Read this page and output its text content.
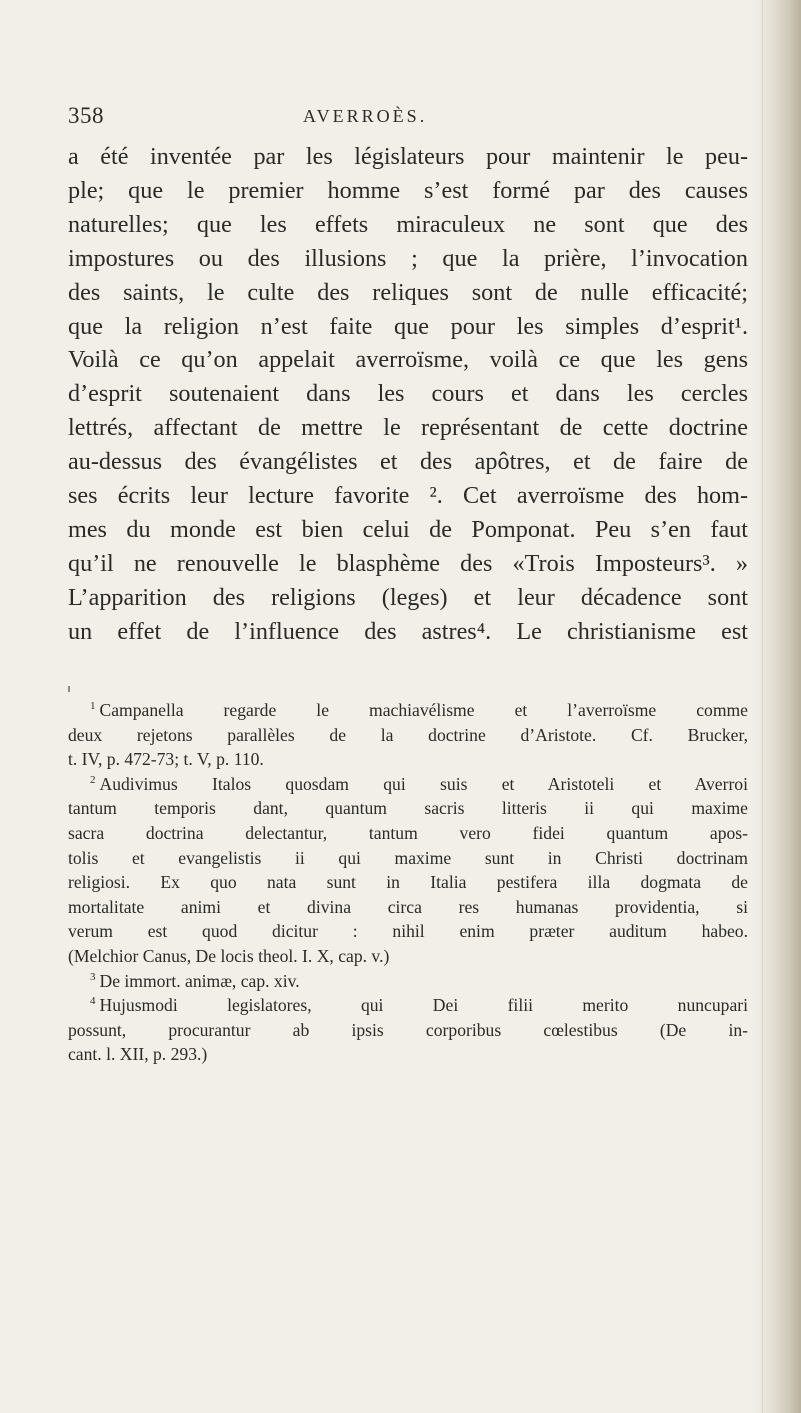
358	AVERROÈS.
a été inventée par les législateurs pour maintenir le peu-
ple; que le premier homme s’est formé par des causes
naturelles; que les effets miraculeux ne sont que des
impostures ou des illusions ; que la prière, l’invocation
des saints, le culte des reliques sont de nulle efficacité;
que la religion n’est faite que pour les simples d’esprit¹.
Voilà ce qu’on appelait averroïsme, voilà ce que les gens
d’esprit soutenaient dans les cours et dans les cercles
lettrés, affectant de mettre le représentant de cette doctrine
au-dessus des évangélistes et des apôtres, et de faire de
ses écrits leur lecture favorite ². Cet averroïsme des hom-
mes du monde est bien celui de Pomponat. Peu s’en faut
qu’il ne renouvelle le blasphème des «Trois Imposteurs³. »
L’apparition des religions (leges) et leur décadence sont
un effet de l’influence des astres⁴. Le christianisme est
$^1$ Campanella regarde le machiavélisme et l’averroïsme comme
deux rejetons parallèles de la doctrine d’Aristote. Cf. Brucker,
t. IV, p. 472-73; t. V, p. 110.
$^2$ Audivimus Italos quosdam qui suis et Aristoteli et Averroi
tantum temporis dant, quantum sacris litteris ii qui maxime
sacra doctrina delectantur, tantum vero fidei quantum apos-
tolis et evangelistis ii qui maxime sunt in Christi doctrinam
religiosi. Ex quo nata sunt in Italia pestifera illa dogmata de
mortalitate animi et divina circa res humanas providentia, si
verum est quod dicitur : nihil enim præter auditum habeo.
(Melchior Canus, De locis theol. I. X, cap. v.)
$^3$ De immort. animæ, cap. xiv.
$^4$ Hujusmodi legislatores, qui Dei filii merito nuncupari
possunt, procurantur ab ipsis corporibus cœlestibus (De in-
cant. l. XII, p. 293.)
